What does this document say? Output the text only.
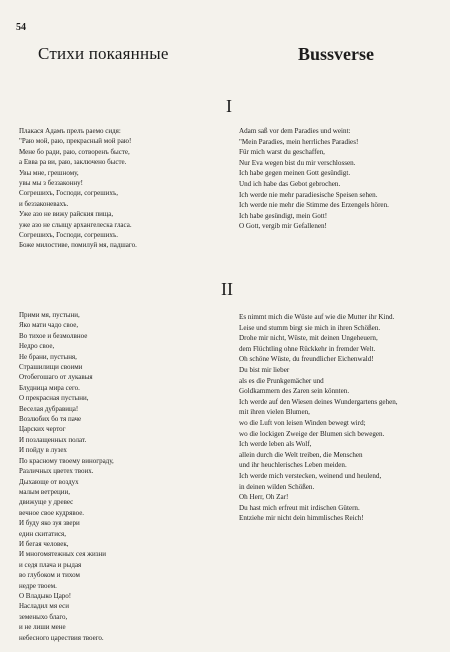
54
Стихи покаянные	Bussverse
I
Плакася Адамъ прелъ раемо сидя:
"Раю мой, раю, прекрасный мой раю!
Мене бо ради, раю, сотворенъ бысте,
а Евва ра ви, раю, заключено бысте.
Увы мне, грешному,
увы мы з беззаконну!
Согрешихъ, Господи, согрешихъ,
и беззаконевахъ.
Уже азо не вижу райския пища,
уже азо не слыщу архангелеска гласа.
Согрешихъ, Господи, согрешихъ.
Боже милостиве, помилуй мя, падшаго.
Adam saß vor dem Paradies und weint:
"Mein Paradies, mein herrliches Paradies!
Für mich warst du geschaffen,
Nur Eva wegen bist du mir verschlossen.
Ich habe gegen meinen Gott gesündigt.
Und ich habe das Gebot gebrochen.
Ich werde nie mehr paradiesische Speisen sehen.
Ich werde nie mehr die Stimme des Erzengels hören.
Ich habe gesündigt, mein Gott!
O Gott, vergib mir Gefallenen!
II
Прими мя, пустыни,
Яко мати чадо свое,
Во тихое и безмолвное
Недро свое,
Не брани, пустыня,
Страшилищи своими
Отобегошаго от лукавыя
Блудница мира сего.
О прекрасная пустыни,
Веселая дубравица!
Возлюбих бо тя паче
Царских чертог
И позлащенных полат.
И пойду в лузех
По красному твоему винограду,
Различных цветех твоих.
Дыхающе от воздух
малым ветреции,
движуще у древес
вечное свое кудрявое.
И буду яко зуя звери
един скитатися,
И бегая человек,
И многомятежных сея жизни
и седя плача и рыдая
во глубоком и тихом
недре твоем.
О Владыко Царо!
Насладил мя еси
земеныхо благо,
и не лиши мене
небесного царествия твоего.
Es nimmt mich die Wüste auf wie die Mutter ihr Kind.
Leise und stumm birgt sie mich in ihren Schößen.
Drohe mir nicht, Wüste, mit deinen Ungeheuern,
dem Flüchtling ohne Rückkehr in fremder Welt.
Oh schöne Wüste, du freundlicher Eichenwald!
Du bist mir lieber
als es die Prunkgemächer und
Goldkammern des Zaren sein könnten.
Ich werde auf den Wiesen deines Wundergartens gehen,
mit ihren vielen Blumen,
wo die Luft von leisen Winden bewegt wird;
wo die lockigen Zweige der Blumen sich bewegen.
Ich werde leben als Wolf,
allein durch die Welt treiben, die Menschen
und ihr heuchlerisches Leben meiden.
Ich werde mich verstecken, weinend und heulend,
in deinen wilden Schößen.
Oh Herr, Oh Zar!
Du hast mich erfreut mit irdischen Gütern.
Entziehe mir nicht dein himmlisches Reich!
